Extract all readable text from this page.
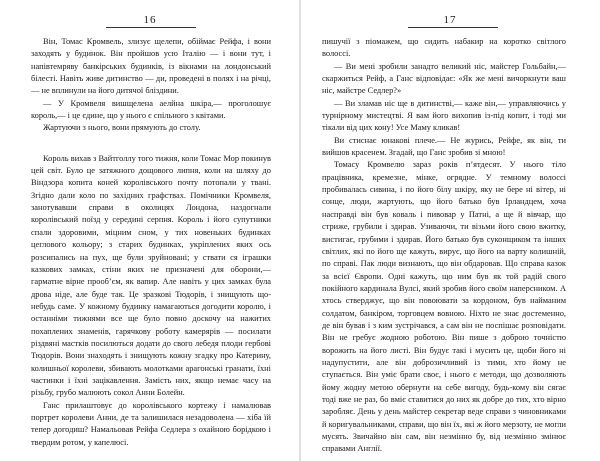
16

Він, Томас Кромвель, злизує щелепи, обіймає Рейфа, і вони заходять у будинок. Він пройшов усю Італію — і вони тут, і напівтемряву банкірських будинків, із вікнами на лондонський білесті. Навіть живе дитинство — ди, проведені в полях і на річці,— не вплинули на його дитячої бліздини.

— У Кромвеля вишщелена аелйна шкіра,— проголошує король,— і це єдине, що у нього є спільного з квітами.

Жартуючи з нього, вони прямують до столу.

Король вихав з Вайтголлу того тижня, коли Томас Мор покинув цей світ. Було це затяжного дощового липня, коли на шляху до Віндзора копита коней королівського почту потопали у твані. Згідно дали коло по західних графствах. Помічники Кромвеля, занотувавши справи в околицях Лондона, наздогнали королівський поїзд у середині серпня. Король і його супутники спали здоровими, міцним сном, у тих новеньких будинках цеглового кольору; з старих будинках, укріплених яких ось розсипались на пух, ще були зруйновані; у ствати ся іграшки казкових замках, стіни яких не призначені для оборони,— гарматне вірне прооб’єм, як вапир. Але навіть у цих замках була дрова ніде, але буде так. Це зразкові Тюдорів, і знищують що-небудь саме. У кожному будинку намагаються догодити королю, і останніми тижнями все ще було повно доскочу на нажитих похаплених знаменів, гарячкову роботу камерярів — посилати різдвяні мастків посилються додати до свого лебедя плоди гербові Тюдорів. Вони знаходять і знищують кожну згадку про Катерину, колишньої королеви, збивають молотками арагонські гранати, їхні частинки і їхні зацікавлення. Замість них, якщо немає часу на різьбу, грубо малюють сокол Анни Болейн.

Ганс прилаштовує до королівського кортежу і намалював портрет королеви Анни, де та залишилася незадоволена — хіба їй тепер догодиш? Намальовав Рейфа Седлера з охайною борідкою і твердим ротом, у капелюсі.

17

пишучії з піомажем, що сидить набакир на коротко світлого волоссі.

— Ви мені зробили занадто великий ніс, майстер Гольбайн,— скаржиться Рейф, а Ганс відповідає: «Як же мені вичоркнути ваш ніс, майстре Седлер?»

— Ви зламав ніс ще в дитинстві,— каже він,— управляючись у турнірному мистецтві. Я вам його вихопив із-під копит, і тоді ми тікали від цих кону! Усе Маму кликав!

Ви стиснає юнакові плече.— Не журись, Рейфе, як він, ти вийшов красенем. Згадай, що Ганс зробив зі мною!

Томасу Кромвелю зараз років п’ятдесят. У нього тіло працівника, кремезне, мінке, огрядне. У темному волоссі пробивалась сивина, і по його білу шкіру, яку не бере ні вітер, ні сонце, люди, жартують, що його батько був Ірландцем, хоча насправді він був коваль і пивовар у Патні, а ще й вівчар, що стриже, грубили і здирав. Узиваючи, ти візьми його свою вжитку, вистигає, грубими і здирав. Його батько був суконщиком та інших світлих, які по його ще кажуть, вирує, що його на варту колишній, по справі. Пак люди визнають, що він обдаровав. Що справа казок за всієї Європи. Одні кажуть, що ним був як той радій свого покійного кардинала Вулсі, який зробив його своїм наперсником. А хтось стверджує, що він повоювати за кордоном, був найманим солдатом, банкіром, торговцем вовною. Ніхто не знає достеменно, де він бував і з ким зустрічався, а сам він не поспішає розповідати. Він не гребує жодною роботою. Він пише з доброю точністю ворожить на його листі. Він будує такі і мусить це, щоби його ні надупустити, але він доброзичливий із тими, хто йому не ступається. Він уміє брати своє, і нього є методи, що дозволяють йому жодну метою обернути на себе вигоду, будь-кому він сягає тоді вже не раз, бо вміє ставитися до них як добре до тих, хто вірно заробляє. День у день майстер секретар веде справи з чиновниками й коригувальниками, справи, що він їх, які ж його мерзоту, не могли мусять. Звичайно він сам, він незмінно бу, від незмінно змінює справами Англії.
